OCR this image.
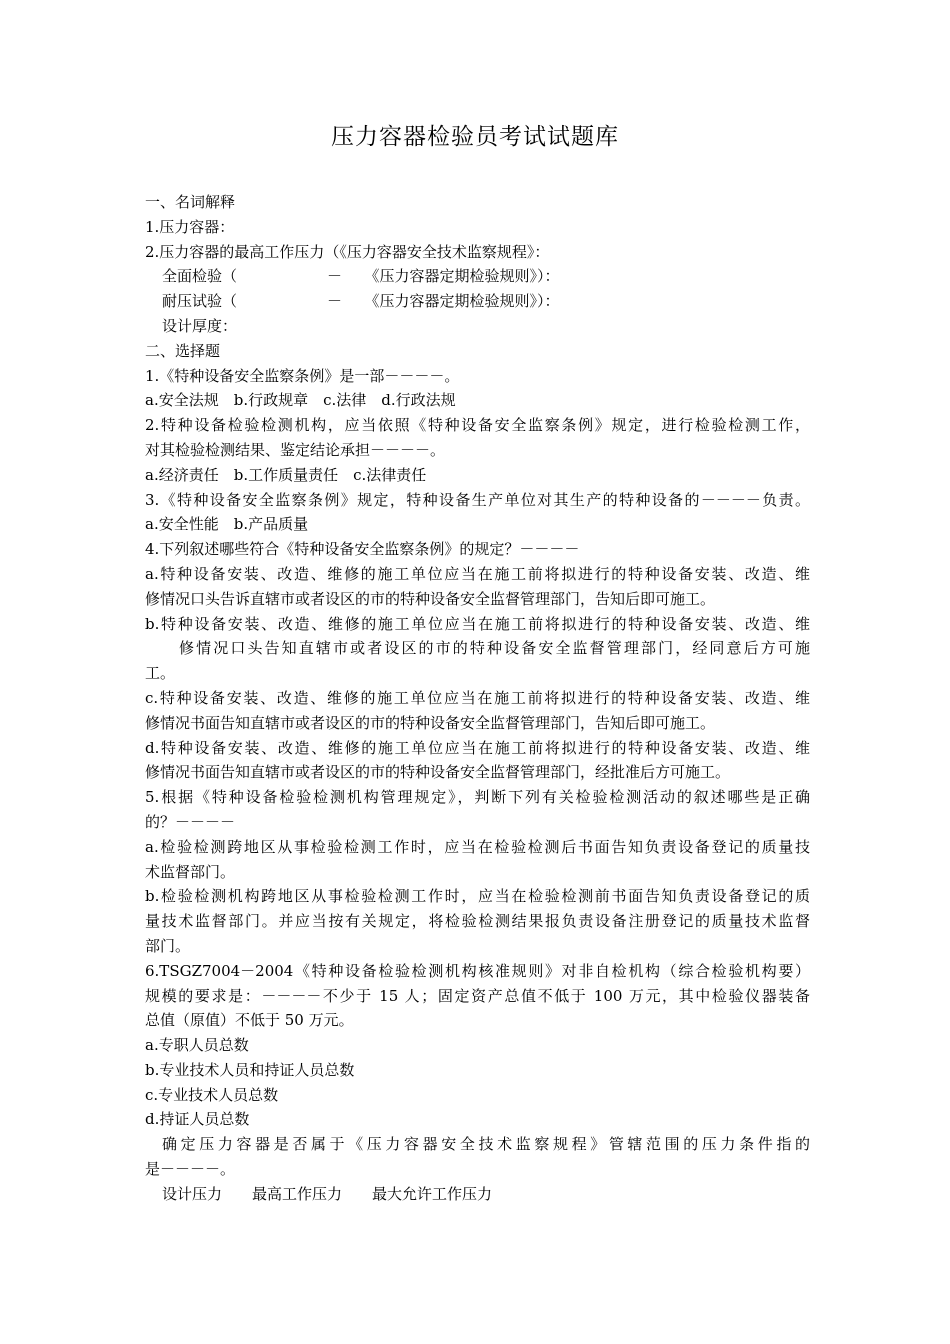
压力容器检验员考试试题库

一、名词解释

1.压力容器：

2.压力容器的最高工作压力（《压力容器安全技术监察规程》：

全面检验（　　　　　　－　　《压力容器定期检验规则》）：

耐压试验（　　　　　　－　　《压力容器定期检验规则》）：

设计厚度：

二、选择题

1.《特种设备安全监察条例》是一部－－－－。

a.安全法规　b.行政规章　c.法律　d.行政法规

2.特种设备检验检测机构，应当依照《特种设备安全监察条例》规定，进行检验检测工作，

对其检验检测结果、鉴定结论承担－－－－。

a.经济责任　b.工作质量责任　c.法律责任

3.《特种设备安全监察条例》规定，特种设备生产单位对其生产的特种设备的－－－－负责。

a.安全性能　b.产品质量

4.下列叙述哪些符合《特种设备安全监察条例》的规定？－－－－

a.特种设备安装、改造、维修的施工单位应当在施工前将拟进行的特种设备安装、改造、维

修情况口头告诉直辖市或者设区的市的特种设备安全监督管理部门，告知后即可施工。

b.特种设备安装、改造、维修的施工单位应当在施工前将拟进行的特种设备安装、改造、维

修情况口头告知直辖市或者设区的市的特种设备安全监督管理部门，经同意后方可施

工。

c.特种设备安装、改造、维修的施工单位应当在施工前将拟进行的特种设备安装、改造、维

修情况书面告知直辖市或者设区的市的特种设备安全监督管理部门，告知后即可施工。

d.特种设备安装、改造、维修的施工单位应当在施工前将拟进行的特种设备安装、改造、维

修情况书面告知直辖市或者设区的市的特种设备安全监督管理部门，经批准后方可施工。

5.根据《特种设备检验检测机构管理规定》，判断下列有关检验检测活动的叙述哪些是正确

的？－－－－

a.检验检测跨地区从事检验检测工作时，应当在检验检测后书面告知负责设备登记的质量技

术监督部门。

b.检验检测机构跨地区从事检验检测工作时，应当在检验检测前书面告知负责设备登记的质

量技术监督部门。并应当按有关规定，将检验检测结果报负责设备注册登记的质量技术监督

部门。

6.TSGZ7004－2004《特种设备检验检测机构核准规则》对非自检机构（综合检验机构要）

规模的要求是：－－－－不少于 15 人；固定资产总值不低于 100 万元，其中检验仪器装备

总值（原值）不低于 50 万元。

a.专职人员总数

b.专业技术人员和持证人员总数

c.专业技术人员总数

d.持证人员总数

确定压力容器是否属于《压力容器安全技术监察规程》管辖范围的压力条件指的

是－－－－。

设计压力　　最高工作压力　　最大允许工作压力
